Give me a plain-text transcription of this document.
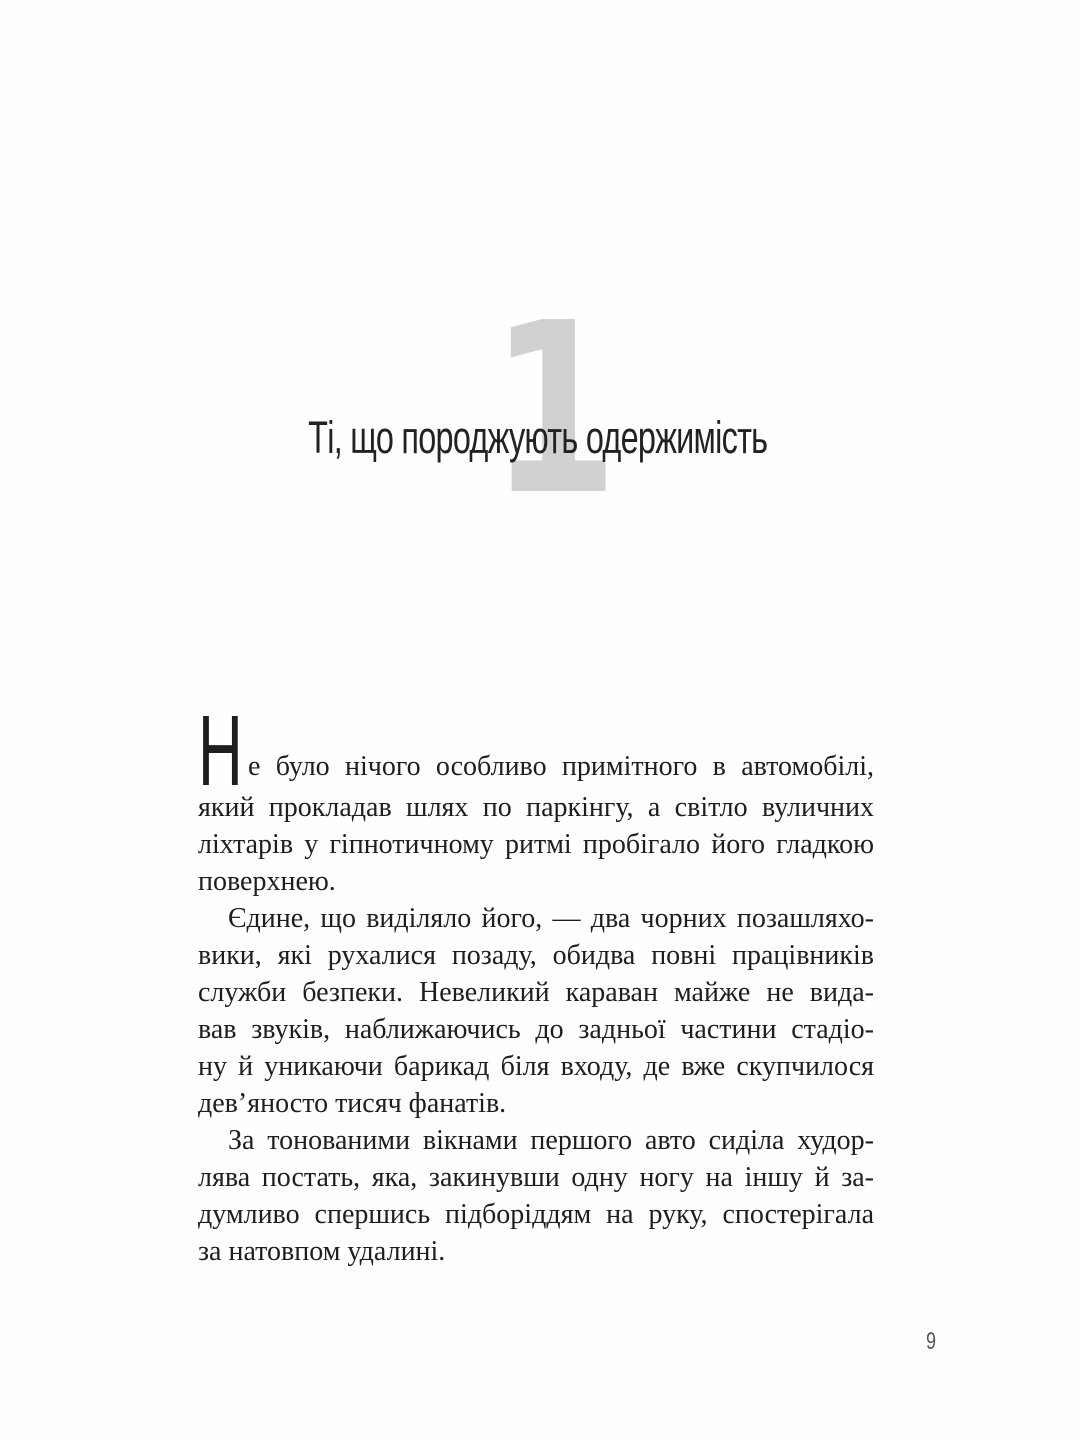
1
Ті, що породжують одержимість
Н е було нічого особливо примітного в автомобілі,
який прокладав шлях по паркінгу, а світло вуличних
ліхтарів у гіпнотичному ритмі пробігало його гладкою
поверхнею.
Єдине, що виділяло його, — два чорних позашляхо-
вики, які рухалися позаду, обидва повні працівників
служби безпеки. Невеликий караван майже не вида-
вав звуків, наближаючись до задньої частини стадіо-
ну й уникаючи барикад біля входу, де вже скупчилося
дев’яносто тисяч фанатів.
За тонованими вікнами першого авто сиділа худор-
лява постать, яка, закинувши одну ногу на іншу й за-
думливо спершись підборіддям на руку, спостерігала
за натовпом удалині.
9
